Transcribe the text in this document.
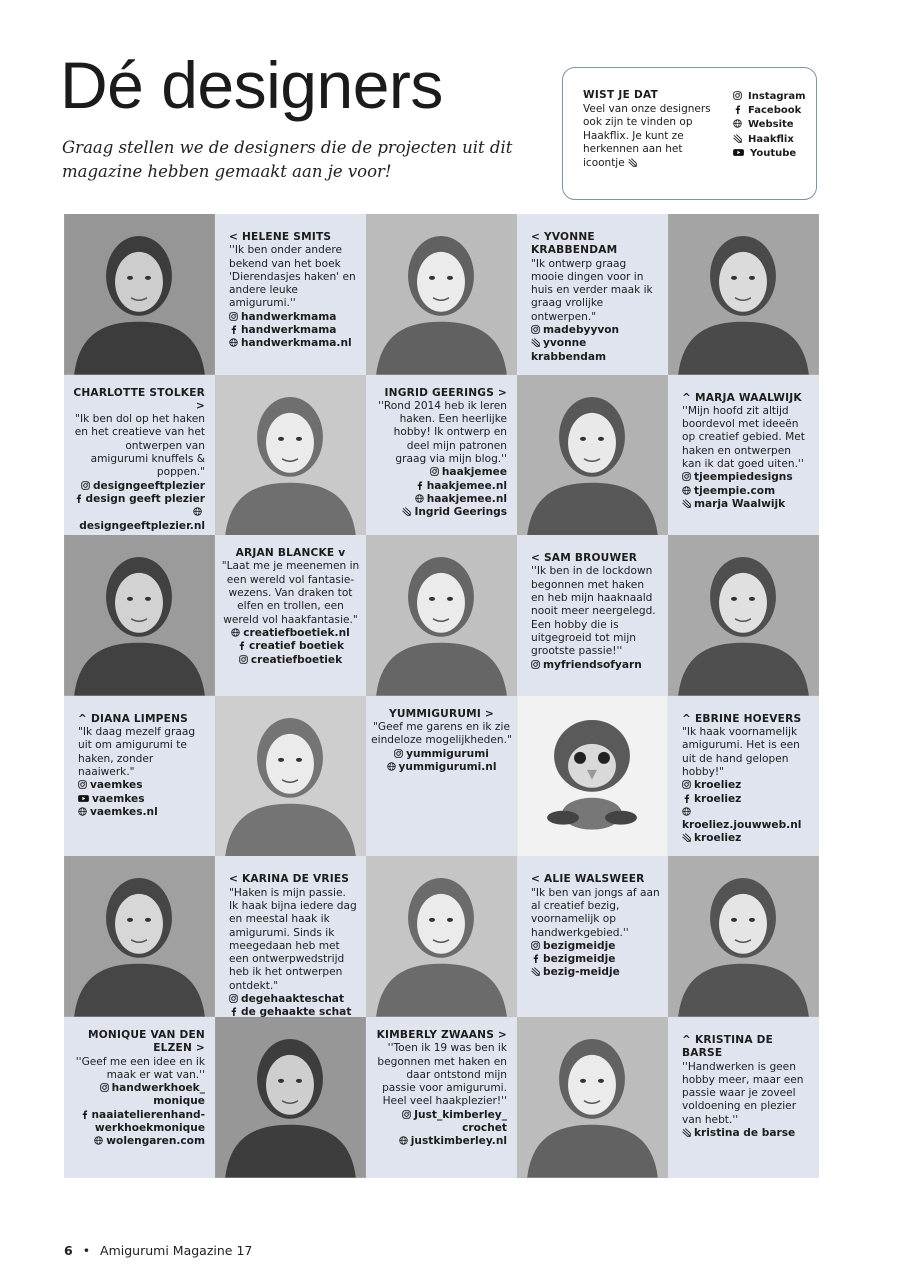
Dé designers
Graag stellen we de designers die de projecten uit dit magazine hebben gemaakt aan je voor!
WIST JE DAT
Veel van onze designers ook zijn te vinden op Haakflix. Je kunt ze herkennen aan het icoontje
Instagram
Facebook
Website
Haakflix
Youtube
< HELENE SMITS
''Ik ben onder andere bekend van het boek 'Dierendasjes haken' en andere leuke amigurumi.''
handwerkmama
handwerkmama
handwerkmama.nl
< YVONNE KRABBENDAM
"Ik ontwerp graag mooie dingen voor in huis en verder maak ik graag vrolijke ontwerpen."
madebyyvon
yvonne krabbendam
CHARLOTTE STOLKER >
"Ik ben dol op het haken en het creatieve van het ontwerpen van amigurumi knuffels & poppen."
designgeeftplezier
design geeft plezier
designgeeftplezier.nl
INGRID GEERINGS >
''Rond 2014 heb ik leren haken. Een heerlijke hobby! Ik ontwerp en deel mijn patronen graag via mijn blog.''
haakjemee
haakjemee.nl
haakjemee.nl
Ingrid Geerings
^ MARJA WAALWIJK
''Mijn hoofd zit altijd boordevol met ideeën op creatief gebied. Met haken en ontwerpen kan ik dat goed uiten.''
tjeempiedesigns
tjeempie.com
marja Waalwijk
ARJAN BLANCKE v
"Laat me je meenemen in een wereld vol fantasie-wezens. Van draken tot elfen en trollen, een wereld vol haakfantasie."
creatiefboetiek.nl
creatief boetiek
creatiefboetiek
< SAM BROUWER
''Ik ben in de lockdown begonnen met haken en heb mijn haaknaald nooit meer neergelegd. Een hobby die is uitgegroeid tot mijn grootste passie!''
myfriendsofyarn
^ DIANA LIMPENS
"Ik daag mezelf graag uit om amigurumi te haken, zonder naaiwerk."
vaemkes
vaemkes
vaemkes.nl
YUMMIGURUMI >
"Geef me garens en ik zie eindeloze mogelijkheden."
yummigurumi
yummigurumi.nl
^ EBRINE HOEVERS
"Ik haak voornamelijk amigurumi. Het is een uit de hand gelopen hobby!"
kroeliez
kroeliez
kroeliez.jouwweb.nl
kroeliez
< KARINA DE VRIES
"Haken is mijn passie. Ik haak bijna iedere dag en meestal haak ik amigurumi. Sinds ik meegedaan heb met een ontwerpwedstrijd heb ik het ontwerpen ontdekt."
degehaakteschat
de gehaakte schat
< ALIE WALSWEER
"Ik ben van jongs af aan al creatief bezig, voornamelijk op handwerkgebied.''
bezigmeidje
bezigmeidje
bezig-meidje
MONIQUE VAN DEN ELZEN >
''Geef me een idee en ik maak er wat van.''
handwerkhoek_ monique
naaiatelierenhand-werkhoekmonique
wolengaren.com
KIMBERLY ZWAANS >
''Toen ik 19 was ben ik begonnen met haken en daar ontstond mijn passie voor amigurumi. Heel veel haakplezier!''
Just_kimberley_ crochet
justkimberley.nl
^ KRISTINA DE BARSE
''Handwerken is geen hobby meer, maar een passie waar je zoveel voldoening en plezier van hebt.''
kristina de barse
6 • Amigurumi Magazine 17
